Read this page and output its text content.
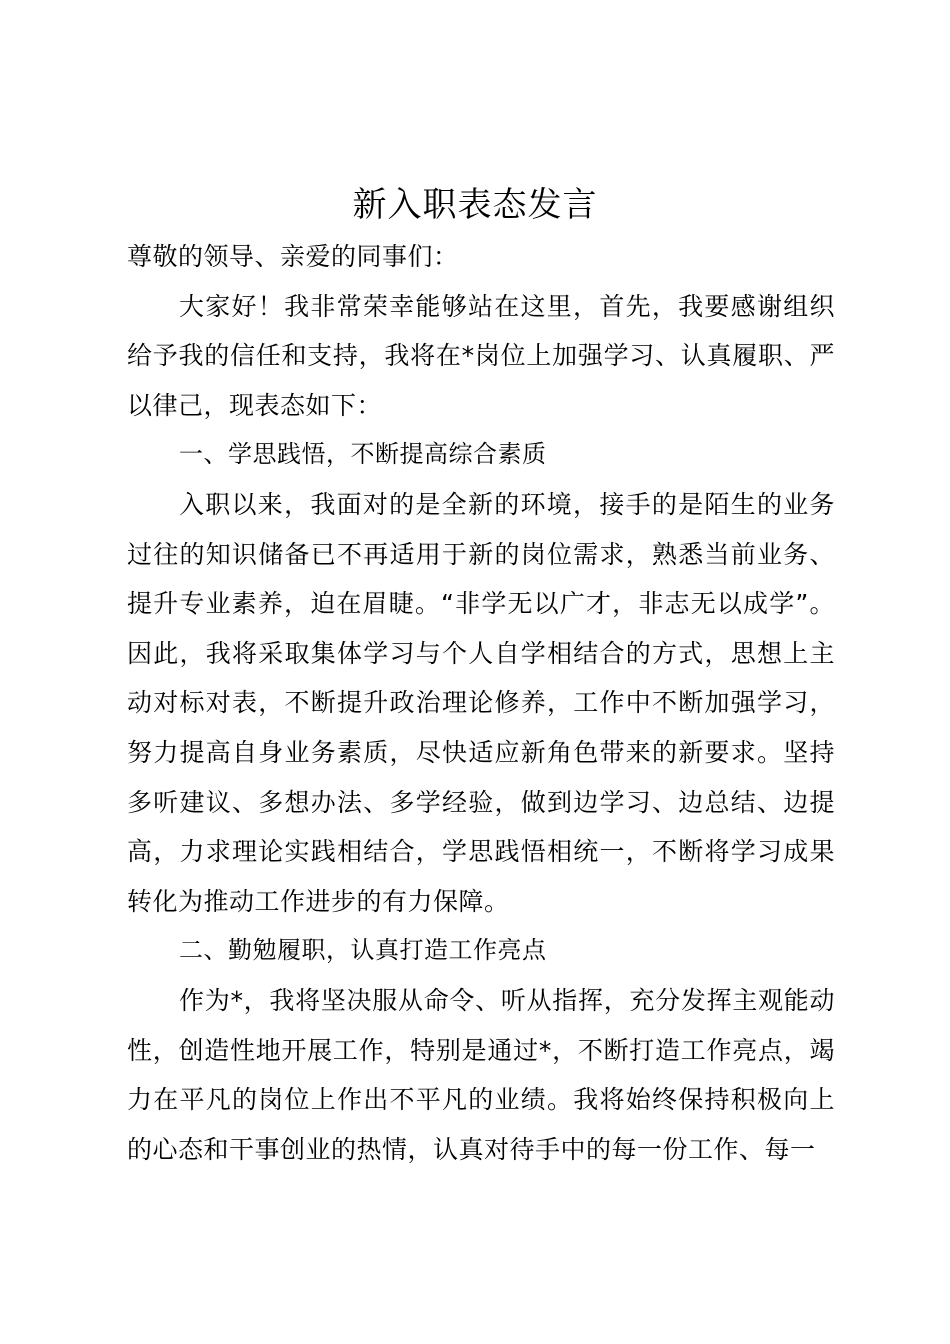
新入职表态发言

尊敬的领导、亲爱的同事们：

大家好！我非常荣幸能够站在这里，首先，我要感谢组织给予我的信任和支持，我将在*岗位上加强学习、认真履职、严以律己，现表态如下：

一、学思践悟，不断提高综合素质

入职以来，我面对的是全新的环境，接手的是陌生的业务过往的知识储备已不再适用于新的岗位需求，熟悉当前业务、提升专业素养，迫在眉睫。“非学无以广才，非志无以成学”。因此，我将采取集体学习与个人自学相结合的方式，思想上主动对标对表，不断提升政治理论修养，工作中不断加强学习，努力提高自身业务素质，尽快适应新角色带来的新要求。坚持多听建议、多想办法、多学经验，做到边学习、边总结、边提高，力求理论实践相结合，学思践悟相统一，不断将学习成果转化为推动工作进步的有力保障。

二、勤勉履职，认真打造工作亮点

作为*，我将坚决服从命令、听从指挥，充分发挥主观能动性，创造性地开展工作，特别是通过*，不断打造工作亮点，竭力在平凡的岗位上作出不平凡的业绩。我将始终保持积极向上的心态和干事创业的热情，认真对待手中的每一份工作、每一
